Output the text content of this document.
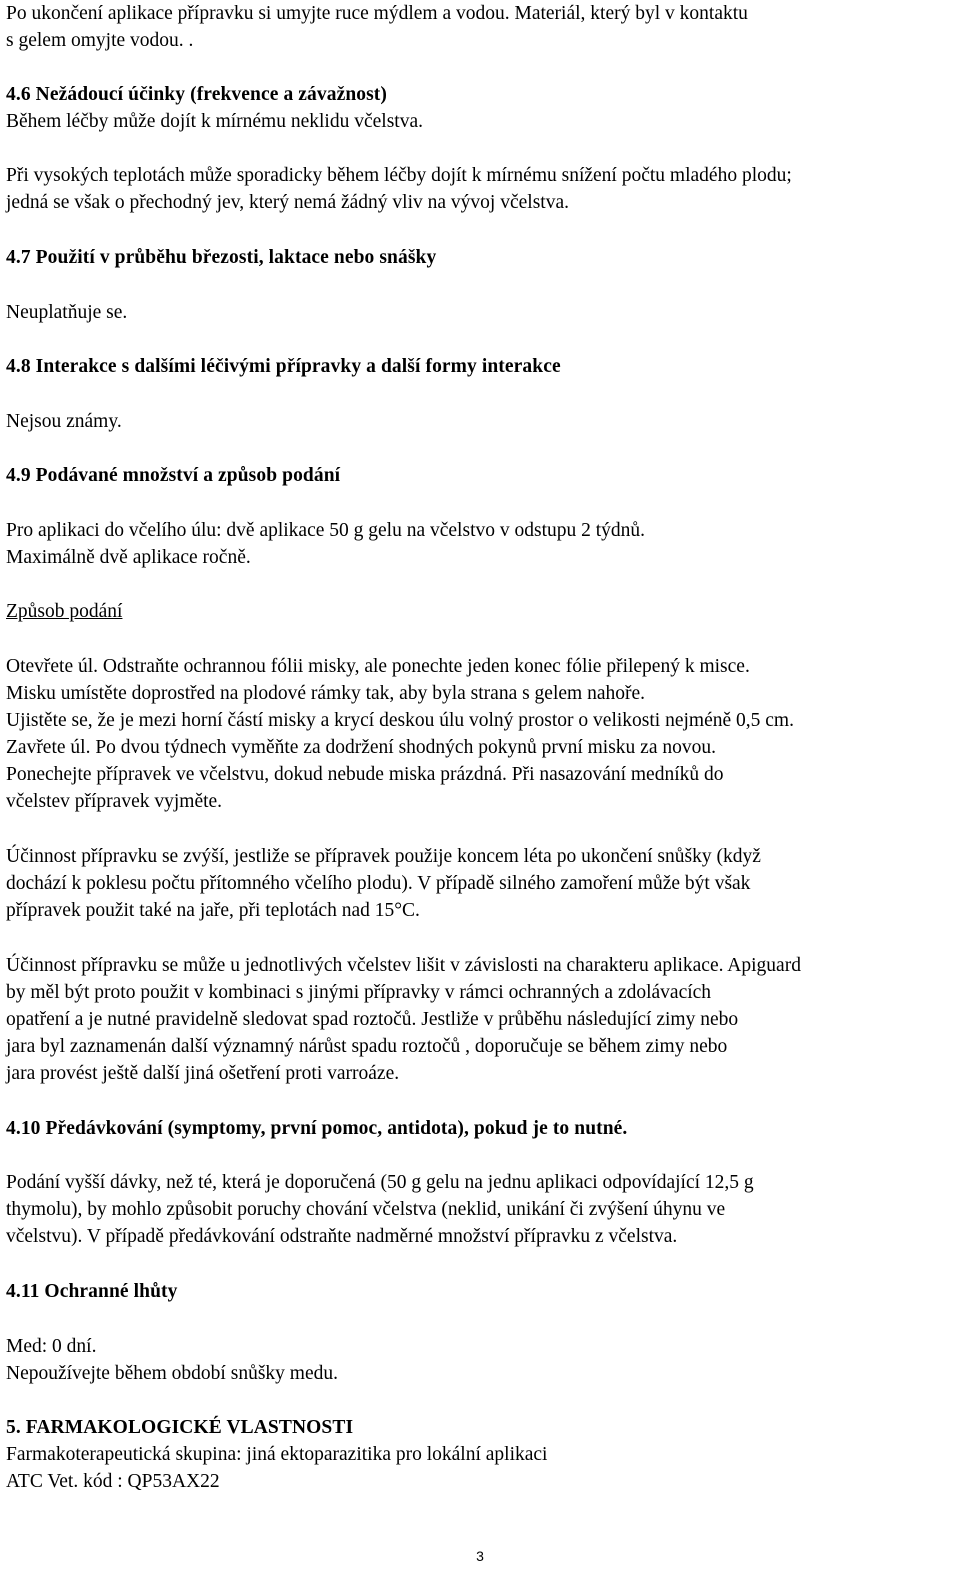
Po ukončení aplikace přípravku si umyjte ruce mýdlem a vodou. Materiál, který byl v kontaktu
s gelem omyjte vodou. .

4.6 Nežádoucí účinky (frekvence a závažnost)

Během léčby může dojít k mírnému neklidu včelstva.

Při vysokých teplotách může sporadicky během léčby dojít k mírnému snížení počtu mladého plodu;
jedná se však o přechodný jev, který nemá žádný vliv na vývoj včelstva.

4.7 Použití v průběhu březosti, laktace nebo snášky

Neuplatňuje se.

4.8 Interakce s dalšími léčivými přípravky a další formy interakce

Nejsou známy.

4.9 Podávané množství a způsob podání

Pro aplikaci do včelího úlu: dvě aplikace 50 g gelu na včelstvo v odstupu 2 týdnů.

Maximálně dvě aplikace ročně.

Způsob podání

Otevřete úl. Odstraňte ochrannou fólii misky, ale ponechte jeden konec fólie přilepený k misce.
Misku umístěte doprostřed na plodové rámky tak, aby byla strana s gelem nahoře.

Ujistěte se, že je mezi horní částí misky a krycí deskou úlu volný prostor o velikosti nejméně 0,5 cm.
Zavřete úl. Po dvou týdnech vyměňte za dodržení shodných pokynů první misku za novou.
Ponechejte přípravek ve včelstvu, dokud nebude miska prázdná. Při nasazování medníků do
včelstev přípravek vyjměte.

Účinnost přípravku se zvýší, jestliže se přípravek použije koncem léta po ukončení snůšky (když
dochází k poklesu počtu přítomného včelího plodu). V případě silného zamoření může být však
přípravek použit také na jaře, při teplotách nad 15°C.

Účinnost přípravku se může u jednotlivých včelstev lišit v závislosti na charakteru aplikace. Apiguard
by měl být proto použit v kombinaci s jinými přípravky v rámci ochranných a zdolávacích
opatření a je nutné pravidelně sledovat spad roztočů. Jestliže v průběhu následující zimy nebo
jara byl zaznamenán další významný nárůst spadu roztočů , doporučuje se během zimy nebo
jara provést ještě další jiná ošetření proti varroáze.

4.10 Předávkování (symptomy, první pomoc, antidota), pokud je to nutné.

Podání vyšší dávky, než té, která je doporučená (50 g gelu na jednu aplikaci odpovídající 12,5 g
thymolu), by mohlo způsobit poruchy chování včelstva (neklid, unikání či zvýšení úhynu ve
včelstvu). V případě předávkování odstraňte nadměrné množství přípravku z včelstva.

4.11 Ochranné lhůty

Med: 0 dní.

Nepoužívejte během období snůšky medu.

5. FARMAKOLOGICKÉ VLASTNOSTI

Farmakoterapeutická skupina: jiná ektoparazitika pro lokální aplikaci

ATC Vet. kód : QP53AX22

3
